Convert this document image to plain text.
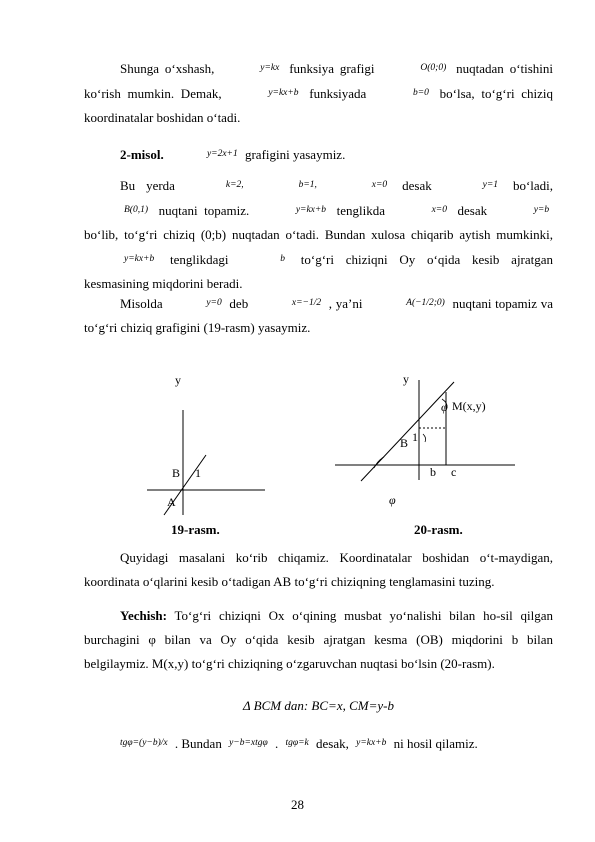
Shunga o‘xshash,	y=kx funksiya grafigi	O(0;0) nuqtadan o‘tishini ko‘rish mumkin. Demak,	y=kx+b funksiyada	b=0 bo‘lsa, to‘g‘ri chiziq koordinatalar boshidan o‘tadi.
2-misol.	y=2x+1 grafigini yasaymiz.
Bu yerda	k=2,	b=1,	x=0 desak	y=1 bo‘ladi, B(0,1) nuqtani topamiz.	y=kx+b tenglikda	x=0 desak	y=b bo‘lib, to‘g‘ri chiziq (0;b) nuqtadan o‘tadi. Bundan xulosa chiqarib aytish mumkinki, y=kx+b tenglikdagi	b to‘g‘ri chiziqni Oy o‘qida kesib ajratgan kesmasining miqdorini beradi.
Misolda	y=0 deb	x=−1/2 , ya’ni	A(−1/2;0) nuqtani topamiz va to‘g‘ri chiziq grafigini (19-rasm) yasaymiz.
y
B 1
A
19-rasm.
y
φ M(x,y)
B 1
b c
φ
20-rasm.
Quyidagi masalani ko‘rib chiqamiz. Koordinatalar boshidan o‘t-maydigan, koordinata o‘qlarini kesib o‘tadigan AB to‘g‘ri chiziqning tenglamasini tuzing.
Yechish: To‘g‘ri chiziqni Ox o‘qining musbat yo‘nalishi bilan ho-sil qilgan burchagini φ bilan va Oy o‘qida kesib ajratgan kesma (OB) miqdorini b bilan belgilaymiz. M(x,y) to‘g‘ri chiziqning o‘zgaruvchan nuqtasi bo‘lsin (20-rasm).
Δ BCM dan: BC=x, CM=y-b
tgφ=(y−b)/x . Bundan y−b=xtgφ . tgφ=k desak, y=kx+b ni hosil qilamiz.
28
